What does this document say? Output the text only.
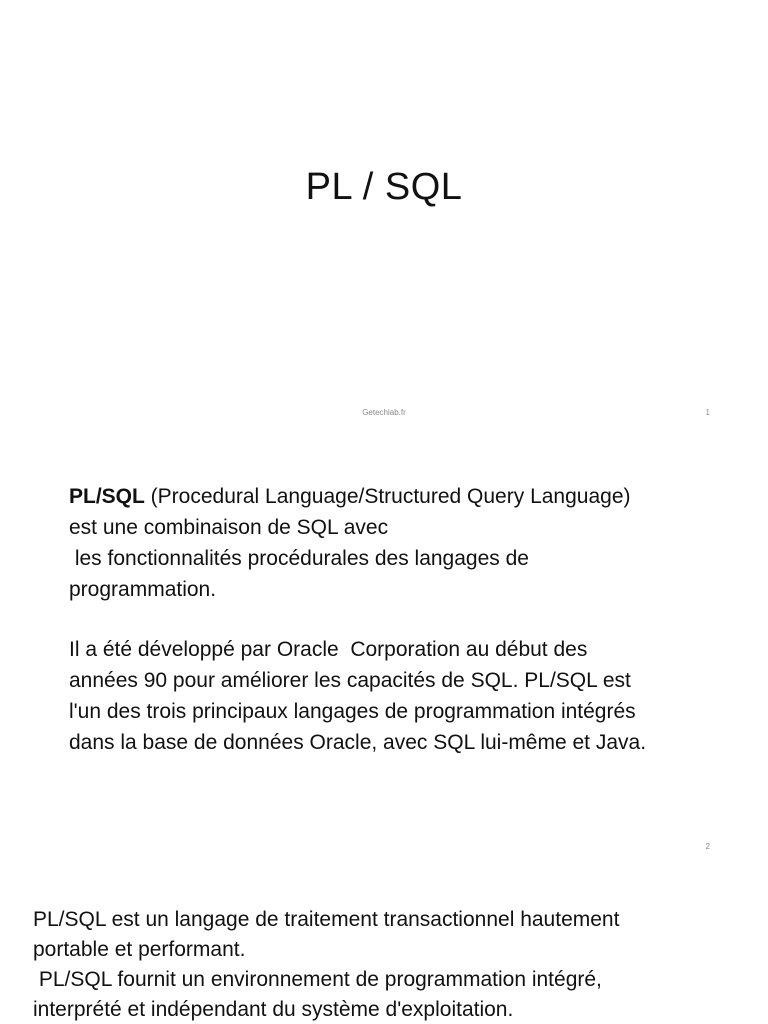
PL / SQL
Getechlab.fr	1

PL/SQL (Procedural Language/Structured Query Language)
est une combinaison de SQL avec
les fonctionnalités procédurales des langages de
programmation.

Il a été développé par Oracle  Corporation au début des
années 90 pour améliorer les capacités de SQL. PL/SQL est
l'un des trois principaux langages de programmation intégrés
dans la base de données Oracle, avec SQL lui-même et Java.

2

PL/SQL est un langage de traitement transactionnel hautement
portable et performant.
PL/SQL fournit un environnement de programmation intégré,
interprété et indépendant du système d'exploitation.
